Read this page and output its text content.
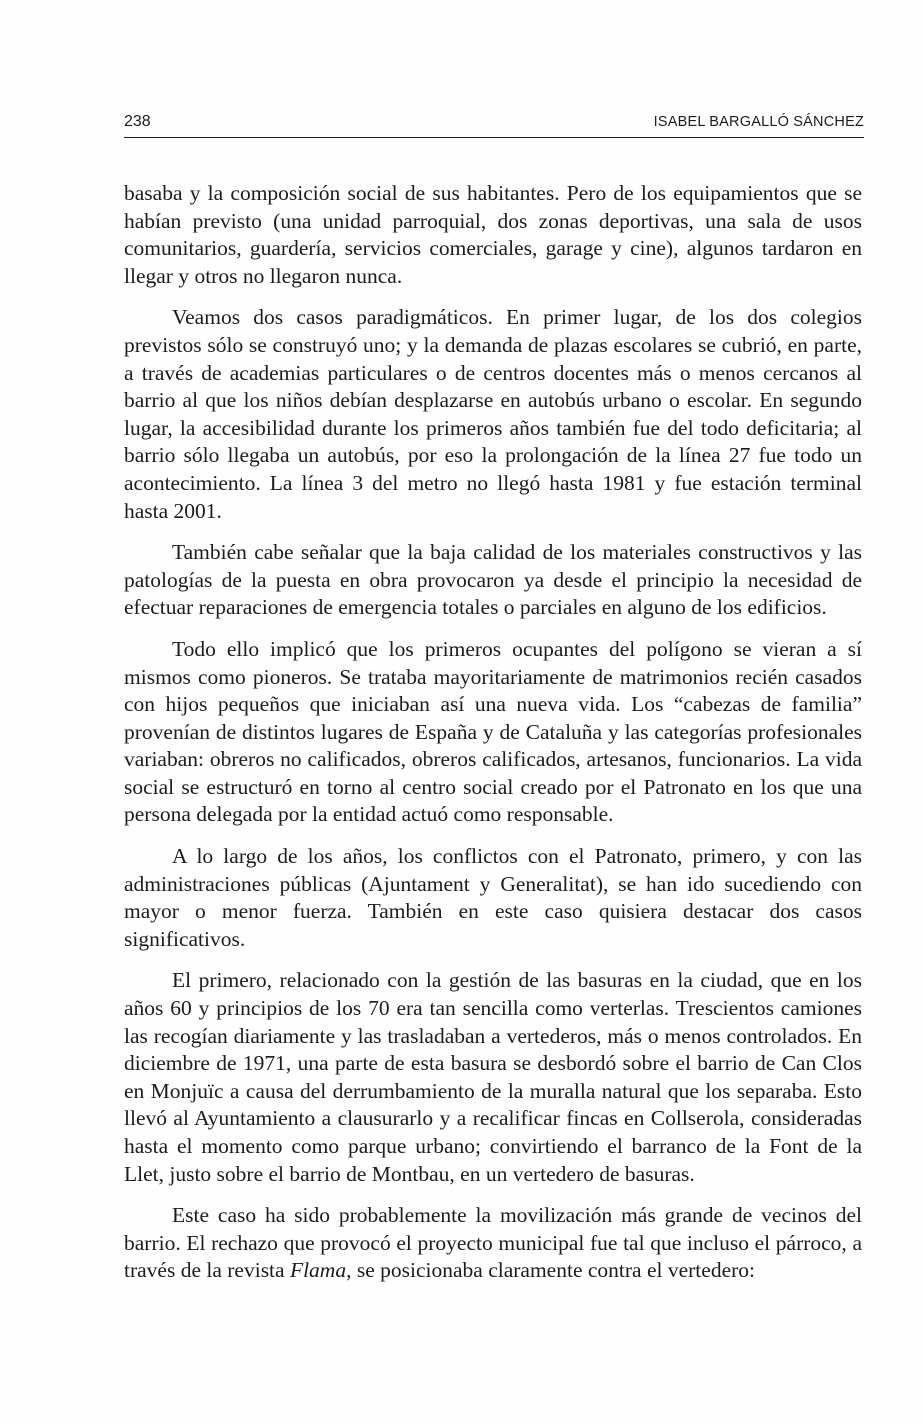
238	ISABEL BARGALLÓ SÁNCHEZ

basaba y la composición social de sus habitantes. Pero de los equipamientos que se habían previsto (una unidad parroquial, dos zonas deportivas, una sala de usos comunitarios, guardería, servicios comerciales, garage y cine), algunos tardaron en llegar y otros no llegaron nunca.

Veamos dos casos paradigmáticos. En primer lugar, de los dos colegios previstos sólo se construyó uno; y la demanda de plazas escolares se cubrió, en parte, a través de academias particulares o de centros docentes más o menos cercanos al barrio al que los niños debían desplazarse en autobús urbano o escolar. En segundo lugar, la accesibilidad durante los primeros años también fue del todo deficitaria; al barrio sólo llegaba un autobús, por eso la prolongación de la línea 27 fue todo un acontecimiento. La línea 3 del metro no llegó hasta 1981 y fue estación terminal hasta 2001.

También cabe señalar que la baja calidad de los materiales constructivos y las patologías de la puesta en obra provocaron ya desde el principio la necesidad de efectuar reparaciones de emergencia totales o parciales en alguno de los edificios.

Todo ello implicó que los primeros ocupantes del polígono se vieran a sí mismos como pioneros. Se trataba mayoritariamente de matrimonios recién casados con hijos pequeños que iniciaban así una nueva vida. Los “cabezas de familia” provenían de distintos lugares de España y de Cataluña y las categorías profesionales variaban: obreros no calificados, obreros calificados, artesanos, funcionarios. La vida social se estructuró en torno al centro social creado por el Patronato en los que una persona delegada por la entidad actuó como responsable.

A lo largo de los años, los conflictos con el Patronato, primero, y con las administraciones públicas (Ajuntament y Generalitat), se han ido sucediendo con mayor o menor fuerza. También en este caso quisiera destacar dos casos significativos.

El primero, relacionado con la gestión de las basuras en la ciudad, que en los años 60 y principios de los 70 era tan sencilla como verterlas. Trescientos camiones las recogían diariamente y las trasladaban a vertederos, más o menos controlados. En diciembre de 1971, una parte de esta basura se desbordó sobre el barrio de Can Clos en Monjuïc a causa del derrumbamiento de la muralla natural que los separaba. Esto llevó al Ayuntamiento a clausurarlo y a recalificar fincas en Collserola, consideradas hasta el momento como parque urbano; convirtiendo el barranco de la Font de la Llet, justo sobre el barrio de Montbau, en un vertedero de basuras.

Este caso ha sido probablemente la movilización más grande de vecinos del barrio. El rechazo que provocó el proyecto municipal fue tal que incluso el párroco, a través de la revista Flama, se posicionaba claramente contra el vertedero:
